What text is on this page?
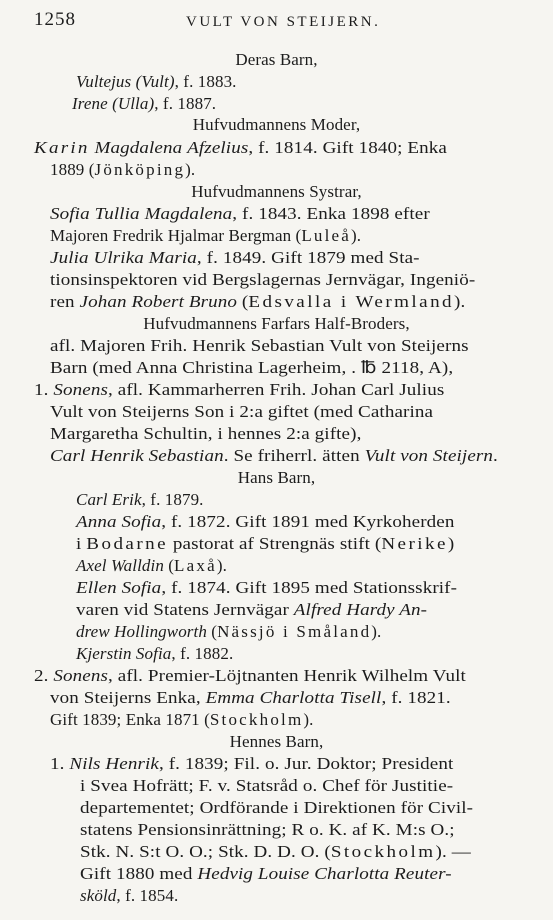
1258	VULT VON STEIJERN.
Deras Barn,
Vultejus (Vult), f. 1883.
Irene (Ulla), f. 1887.
Hufvudmannens Moder,
Karin Magdalena Afzelius, f. 1814. Gift 1840; Enka
1889 (Jönköping).
Hufvudmannens Systrar,
Sofia Tullia Magdalena, f. 1843. Enka 1898 efter
Majoren Fredrik Hjalmar Bergman (Luleå).
Julia Ulrika Maria, f. 1849. Gift 1879 med Sta-
tionsinspektoren vid Bergslagernas Jernvägar, Ingeniö-
ren Johan Robert Bruno (Edsvalla i Wermland).
Hufvudmannens Farfars Half-Broders,
afl. Majoren Frih. Henrik Sebastian Vult von Steijerns
Barn (med Anna Christina Lagerheim, . ℔ 2118, A),
1. Sonens, afl. Kammarherren Frih. Johan Carl Julius
Vult von Steijerns Son i 2:a giftet (med Catharina
Margaretha Schultin, i hennes 2:a gifte),
Carl Henrik Sebastian. Se friherrl. ätten Vult von Steijern.
Hans Barn,
Carl Erik, f. 1879.
Anna Sofia, f. 1872. Gift 1891 med Kyrkoherden
i Bodarne pastorat af Strengnäs stift (Nerike)
Axel Walldin (Laxå).
Ellen Sofia, f. 1874. Gift 1895 med Stationsskrif-
varen vid Statens Jernvägar Alfred Hardy An-
drew Hollingworth (Nässjö i Småland).
Kjerstin Sofia, f. 1882.
2. Sonens, afl. Premier-Löjtnanten Henrik Wilhelm Vult
von Steijerns Enka, Emma Charlotta Tisell, f. 1821.
Gift 1839; Enka 1871 (Stockholm).
Hennes Barn,
1. Nils Henrik, f. 1839; Fil. o. Jur. Doktor; President
i Svea Hofrätt; F. v. Statsråd o. Chef för Justitie-
departementet; Ordförande i Direktionen för Civil-
statens Pensionsinrättning; R o. K. af K. M:s O.;
Stk. N. S:t O. O.; Stk. D. D. O. (Stockholm). —
Gift 1880 med Hedvig Louise Charlotta Reuter-
sköld, f. 1854.
